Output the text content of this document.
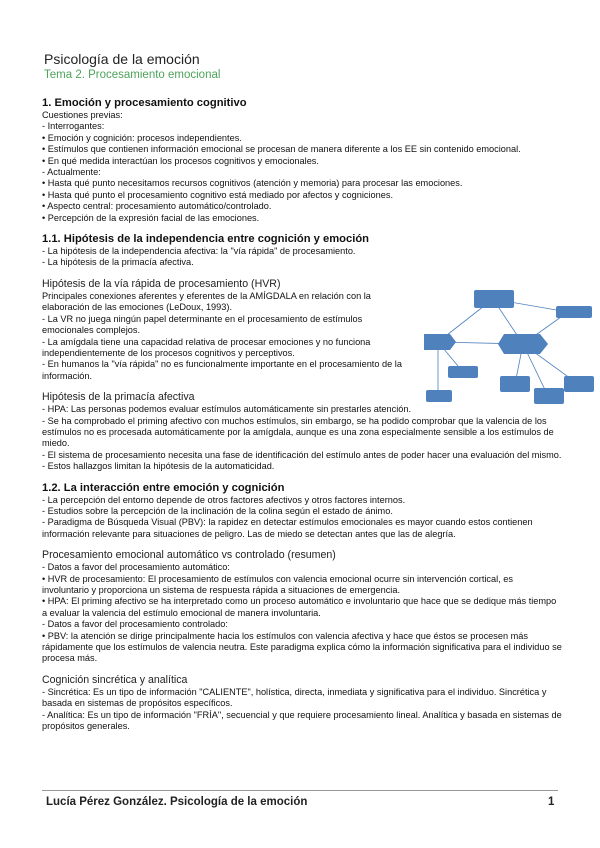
Psicología de la emoción
Tema 2. Procesamiento emocional

1. Emoción y procesamiento cognitivo

Cuestiones previas:

- Interrogantes:

• Emoción y cognición: procesos independientes.

• Estímulos que contienen información emocional se procesan de manera diferente a los EE sin contenido emocional.

• En qué medida interactúan los procesos cognitivos y emocionales.

- Actualmente:

• Hasta qué punto necesitamos recursos cognitivos (atención y memoria) para procesar las emociones.

• Hasta qué punto el procesamiento cognitivo está mediado por afectos y cogniciones.

• Aspecto central: procesamiento automático/controlado.

• Percepción de la expresión facial de las emociones.

1.1. Hipótesis de la independencia entre cognición y emoción

- La hipótesis de la independencia afectiva: la "vía rápida" de procesamiento.

- La hipótesis de la primacía afectiva.

Hipótesis de la vía rápida de procesamiento (HVR)

Principales conexiones aferentes y eferentes de la AMÍGDALA en relación con la elaboración de las emociones (LeDoux, 1993).

- La VR no juega ningún papel determinante en el procesamiento de estímulos emocionales complejos.

- La amígdala tiene una capacidad relativa de procesar emociones y no funciona independientemente de los procesos cognitivos y perceptivos.

- En humanos la "vía rápida" no es funcionalmente importante en el procesamiento de la información.

Hipótesis de la primacía afectiva

- HPA: Las personas podemos evaluar estímulos automáticamente sin prestarles atención.

- Se ha comprobado el priming afectivo con muchos estímulos, sin embargo, se ha podido comprobar que la valencia de los estímulos no es procesada automáticamente por la amígdala, aunque es una zona especialmente sensible a los estímulos de miedo.

- El sistema de procesamiento necesita una fase de identificación del estímulo antes de poder hacer una evaluación del mismo.

- Estos hallazgos limitan la hipótesis de la automaticidad.

1.2. La interacción entre emoción y cognición

- La percepción del entorno depende de otros factores afectivos y otros factores internos.

- Estudios sobre la percepción de la inclinación de la colina según el estado de ánimo.

- Paradigma de Búsqueda Visual (PBV): la rapidez en detectar estímulos emocionales es mayor cuando estos contienen información relevante para situaciones de peligro. Las de miedo se detectan antes que las de alegría.

Procesamiento emocional automático vs controlado (resumen)

- Datos a favor del procesamiento automático:

• HVR de procesamiento: El procesamiento de estímulos con valencia emocional ocurre sin intervención cortical, es involuntario y proporciona un sistema de respuesta rápida a situaciones de emergencia.

• HPA: El priming afectivo se ha interpretado como un proceso automático e involuntario que hace que se dedique más tiempo a evaluar la valencia del estímulo emocional de manera involuntaria.

- Datos a favor del procesamiento controlado:

• PBV: la atención se dirige principalmente hacia los estímulos con valencia afectiva y hace que éstos se procesen más rápidamente que los estímulos de valencia neutra. Este paradigma explica cómo la información significativa para el individuo se procesa más.

Cognición sincrética y analítica

- Sincrética: Es un tipo de información "CALIENTE", holística, directa, inmediata y significativa para el individuo. Sincrética y basada en sistemas de propósitos específicos.

- Analítica: Es un tipo de información "FRÍA", secuencial y que requiere procesamiento lineal. Analítica y basada en sistemas de propósitos generales.

Lucía Pérez González. Psicología de la emoción	1
